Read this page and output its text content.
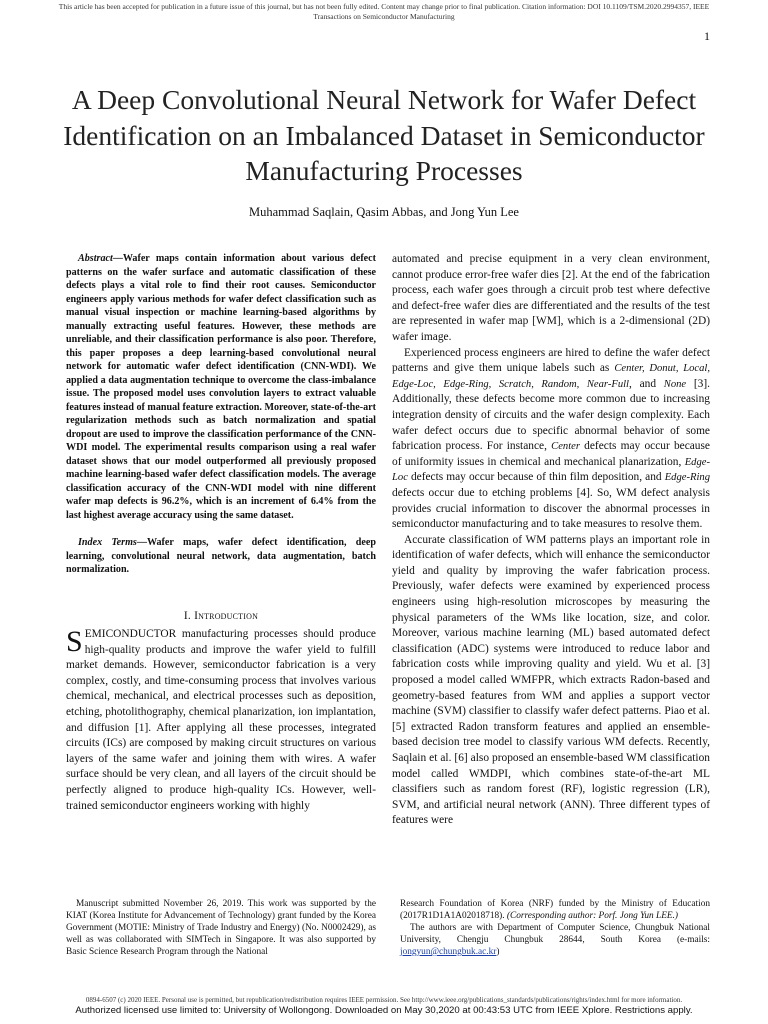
This article has been accepted for publication in a future issue of this journal, but has not been fully edited. Content may change prior to final publication. Citation information: DOI 10.1109/TSM.2020.2994357, IEEE
Transactions on Semiconductor Manufacturing
1
A Deep Convolutional Neural Network for Wafer Defect Identification on an Imbalanced Dataset in Semiconductor Manufacturing Processes
Muhammad Saqlain, Qasim Abbas, and Jong Yun Lee

Abstract—Wafer maps contain information about various defect patterns on the wafer surface and automatic classification of these defects plays a vital role to find their root causes. Semiconductor engineers apply various methods for wafer defect classification such as manual visual inspection or machine learning-based algorithms by manually extracting useful features. However, these methods are unreliable, and their classification performance is also poor. Therefore, this paper proposes a deep learning-based convolutional neural network for automatic wafer defect identification (CNN-WDI). We applied a data augmentation technique to overcome the class-imbalance issue. The proposed model uses convolution layers to extract valuable features instead of manual feature extraction. Moreover, state-of-the-art regularization methods such as batch normalization and spatial dropout are used to improve the classification performance of the CNN-WDI model. The experimental results comparison using a real wafer dataset shows that our model outperformed all previously proposed machine learning-based wafer defect classification models. The average classification accuracy of the CNN-WDI model with nine different wafer map defects is 96.2%, which is an increment of 6.4% from the last highest average accuracy using the same dataset.

Index Terms—Wafer maps, wafer defect identification, deep learning, convolutional neural network, data augmentation, batch normalization.

I. Introduction

SEMICONDUCTOR manufacturing processes should produce high-quality products and improve the wafer yield to fulfill market demands. However, semiconductor fabrication is a very complex, costly, and time-consuming process that involves various chemical, mechanical, and electrical processes such as deposition, etching, photolithography, chemical planarization, ion implantation, and diffusion [1]. After applying all these processes, integrated circuits (ICs) are composed by making circuit structures on various layers of the same wafer and joining them with wires. A wafer surface should be very clean, and all layers of the circuit should be perfectly aligned to produce high-quality ICs. However, well-trained semiconductor engineers working with highly

automated and precise equipment in a very clean environment, cannot produce error-free wafer dies [2]. At the end of the fabrication process, each wafer goes through a circuit prob test where defective and defect-free wafer dies are differentiated and the results of the test are represented in wafer map [WM], which is a 2-dimensional (2D) wafer image.

Experienced process engineers are hired to define the wafer defect patterns and give them unique labels such as Center, Donut, Local, Edge-Loc, Edge-Ring, Scratch, Random, Near-Full, and None [3]. Additionally, these defects become more common due to increasing integration density of circuits and the wafer design complexity. Each wafer defect occurs due to specific abnormal behavior of some fabrication process. For instance, Center defects may occur because of uniformity issues in chemical and mechanical planarization, Edge-Loc defects may occur because of thin film deposition, and Edge-Ring defects occur due to etching problems [4]. So, WM defect analysis provides crucial information to discover the abnormal processes in semiconductor manufacturing and to take measures to resolve them.

Accurate classification of WM patterns plays an important role in identification of wafer defects, which will enhance the semiconductor yield and quality by improving the wafer fabrication process. Previously, wafer defects were examined by experienced process engineers using high-resolution microscopes by measuring the physical parameters of the WMs like location, size, and color. Moreover, various machine learning (ML) based automated defect classification (ADC) systems were introduced to reduce labor and fabrication costs while improving quality and yield. Wu et al. [3] proposed a model called WMFPR, which extracts Radon-based and geometry-based features from WM and applies a support vector machine (SVM) classifier to classify wafer defect patterns. Piao et al. [5] extracted Radon transform features and applied an ensemble-based decision tree model to classify various WM defects. Recently, Saqlain et al. [6] also proposed an ensemble-based WM classification model called WMDPI, which combines state-of-the-art ML classifiers such as random forest (RF), logistic regression (LR), SVM, and artificial neural network (ANN). Three different types of features were

Manuscript submitted November 26, 2019. This work was supported by the KIAT (Korea Institute for Advancement of Technology) grant funded by the Korea Government (MOTIE: Ministry of Trade Industry and Energy) (No. N0002429), as well as was collaborated with SIMTech in Singapore. It was also supported by Basic Science Research Program through the National

Research Foundation of Korea (NRF) funded by the Ministry of Education (2017R1D1A1A02018718). (Corresponding author: Porf. Jong Yun LEE.)

The authors are with Department of Computer Science, Chungbuk National University, Chengju Chungbuk 28644, South Korea (e-mails: jongyun@chungbuk.ac.kr)

0894-6507 (c) 2020 IEEE. Personal use is permitted, but republication/redistribution requires IEEE permission. See http://www.ieee.org/publications_standards/publications/rights/index.html for more information.
Authorized licensed use limited to: University of Wollongong. Downloaded on May 30,2020 at 00:43:53 UTC from IEEE Xplore. Restrictions apply.
